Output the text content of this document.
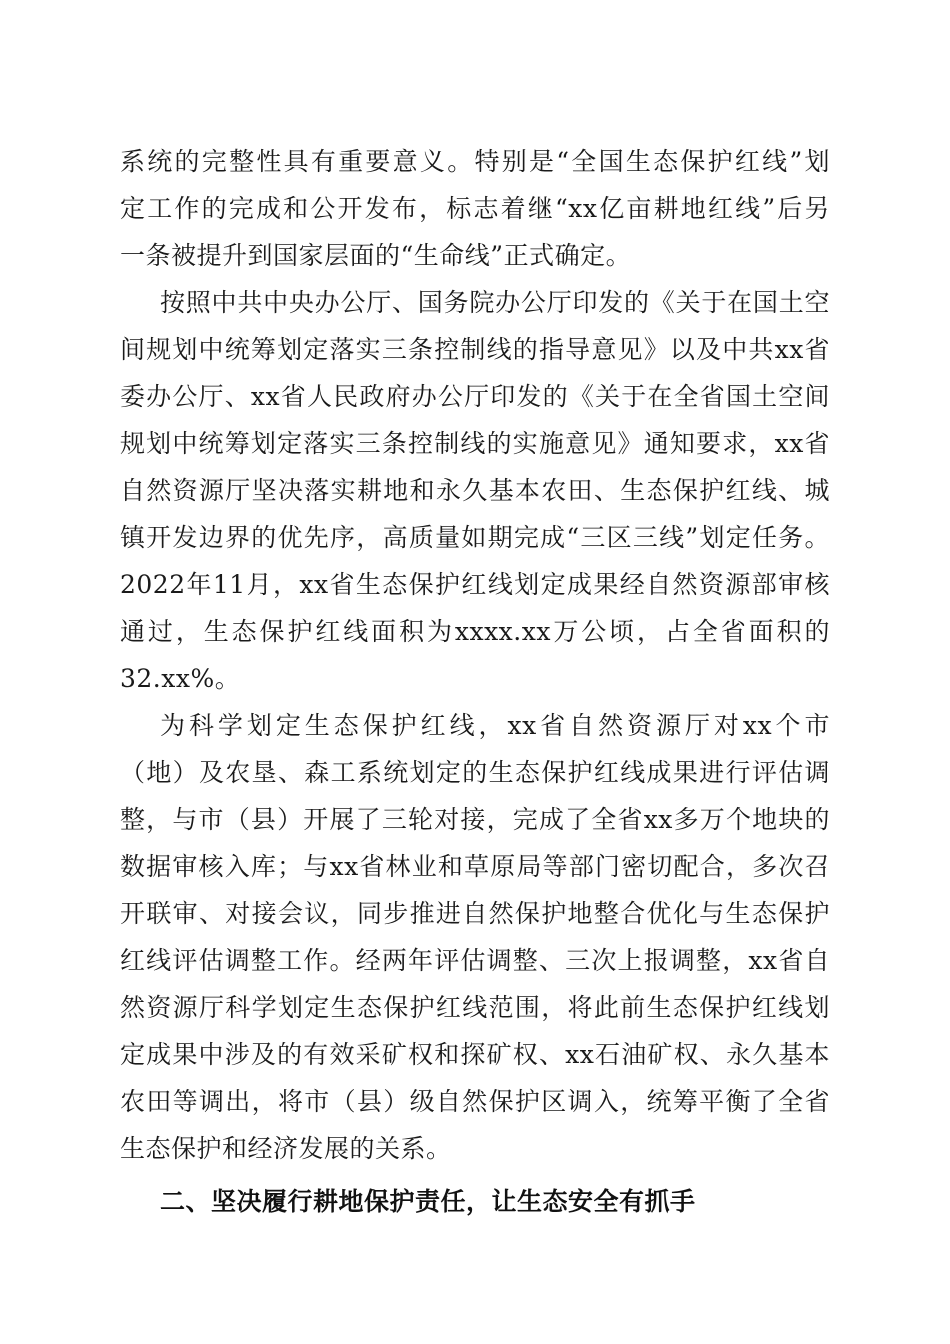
系统的完整性具有重要意义。特别是“全国生态保护红线”划
定工作的完成和公开发布，标志着继“xx亿亩耕地红线”后另
一条被提升到国家层面的“生命线”正式确定。
按照中共中央办公厅、国务院办公厅印发的《关于在国土空
间规划中统筹划定落实三条控制线的指导意见》以及中共xx省
委办公厅、xx省人民政府办公厅印发的《关于在全省国土空间
规划中统筹划定落实三条控制线的实施意见》通知要求，xx省
自然资源厅坚决落实耕地和永久基本农田、生态保护红线、城
镇开发边界的优先序，高质量如期完成“三区三线”划定任务。
2022年11月，xx省生态保护红线划定成果经自然资源部审核
通过，生态保护红线面积为xxxx.xx万公顷，占全省面积的
32.xx%。
为科学划定生态保护红线，xx省自然资源厅对xx个市
（地）及农垦、森工系统划定的生态保护红线成果进行评估调
整，与市（县）开展了三轮对接，完成了全省xx多万个地块的
数据审核入库；与xx省林业和草原局等部门密切配合，多次召
开联审、对接会议，同步推进自然保护地整合优化与生态保护
红线评估调整工作。经两年评估调整、三次上报调整，xx省自
然资源厅科学划定生态保护红线范围，将此前生态保护红线划
定成果中涉及的有效采矿权和探矿权、xx石油矿权、永久基本
农田等调出，将市（县）级自然保护区调入，统筹平衡了全省
生态保护和经济发展的关系。
二、坚决履行耕地保护责任，让生态安全有抓手
